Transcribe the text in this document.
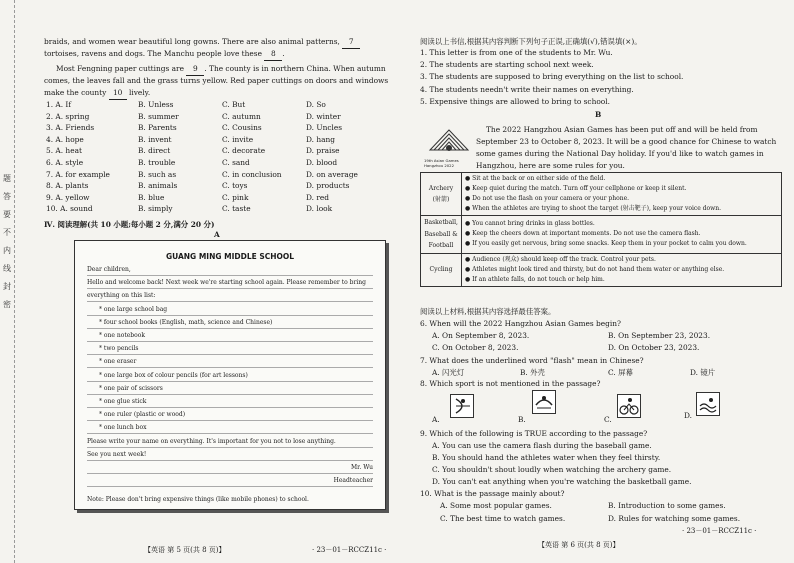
题
答
要
不
内
线
封
密
braids, and women wear beautiful long gowns. There are also animal patterns, 7
tortoises, ravens and dogs. The Manchu people love these 8 .
Most Fengning paper cuttings are 9 . The county is in northern China. When autumn
comes, the leaves fall and the grass turns yellow. Red paper cuttings on doors and windows
make the county 10 lively.
1. A. If	B. Unless	C. But	D. So
2. A. spring	B. summer	C. autumn	D. winter
3. A. Friends	B. Parents	C. Cousins	D. Uncles
4. A. hope	B. invent	C. invite	D. hang
5. A. heat	B. direct	C. decorate	D. praise
6. A. style	B. trouble	C. sand	D. blood
7. A. for example	B. such as	C. in conclusion	D. on average
8. A. plants	B. animals	C. toys	D. products
9. A. yellow	B. blue	C. pink	D. red
10. A. sound	B. simply	C. taste	D. look
Ⅳ. 阅读理解(共 10 小题;每小题 2 分,满分 20 分)
A
GUANG MING MIDDLE SCHOOL
Dear children,
Hello and welcome back! Next week we're starting school again. Please remember to bring
everything on this list:
* one large school bag
* four school books (English, math, science and Chinese)
* one notebook
* two pencils
* one eraser
* one large box of colour pencils (for art lessons)
* one pair of scissors
* one glue stick
* one ruler (plastic or wood)
* one lunch box
Please write your name on everything. It's important for you not to lose anything.
See you next week!
Mr. Wu
Headteacher
Note: Please don't bring expensive things (like mobile phones) to school.
【英语 第 5 页(共 8 页)】	· 23－01－RCCZ11c ·
阅读以上书信,根据其内容判断下列句子正误,正确填(√),错误填(×)。
1. This letter is from one of the students to Mr. Wu.
2. The students are starting school next week.
3. The students are supposed to bring everything on the list to school.
4. The students needn't write their names on everything.
5. Expensive things are allowed to bring to school.
B
19th Asian Games Hangzhou 2022
The 2022 Hangzhou Asian Games has been put off and will be held from
September 23 to October 8, 2023. It will be a good chance for Chinese to watch
some games during the National Day holiday. If you'd like to watch games in
Hangzhou, here are some rules for you.
Archery (射箭)	● Sit at the back or on either side of the field.
● Keep quiet during the match. Turn off your cellphone or keep it silent.
● Do not use the flash on your camera or your phone.
● When the athletes are trying to shoot the target (射击靶子), keep your voice down.

Basketball, Baseball & Football	● You cannot bring drinks in glass bottles.
● Keep the cheers down at important moments. Do not use the camera flash.
● If you easily get nervous, bring some snacks. Keep them in your pocket to calm you down.

Cycling	● Audience (观众) should keep off the track. Control your pets.
● Athletes might look tired and thirsty, but do not hand them water or anything else.
● If an athlete falls, do not touch or help him.
阅读以上材料,根据其内容选择最佳答案。
6. When will the 2022 Hangzhou Asian Games begin?
A. On September 8, 2023.	B. On September 23, 2023.
C. On October 8, 2023.	D. On October 23, 2023.
7. What does the underlined word "flash" mean in Chinese?
A. 闪光灯	B. 外壳	C. 屏幕	D. 镜片
8. Which sport is not mentioned in the passage?
A.	B.	C.	D.
9. Which of the following is TRUE according to the passage?
A. You can use the camera flash during the baseball game.
B. You should hand the athletes water when they feel thirsty.
C. You shouldn't shout loudly when watching the archery game.
D. You can't eat anything when you're watching the basketball game.
10. What is the passage mainly about?
A. Some most popular games.	B. Introduction to some games.
C. The best time to watch games.	D. Rules for watching some games.
【英语 第 6 页(共 8 页)】
· 23－01－RCCZ11c ·
